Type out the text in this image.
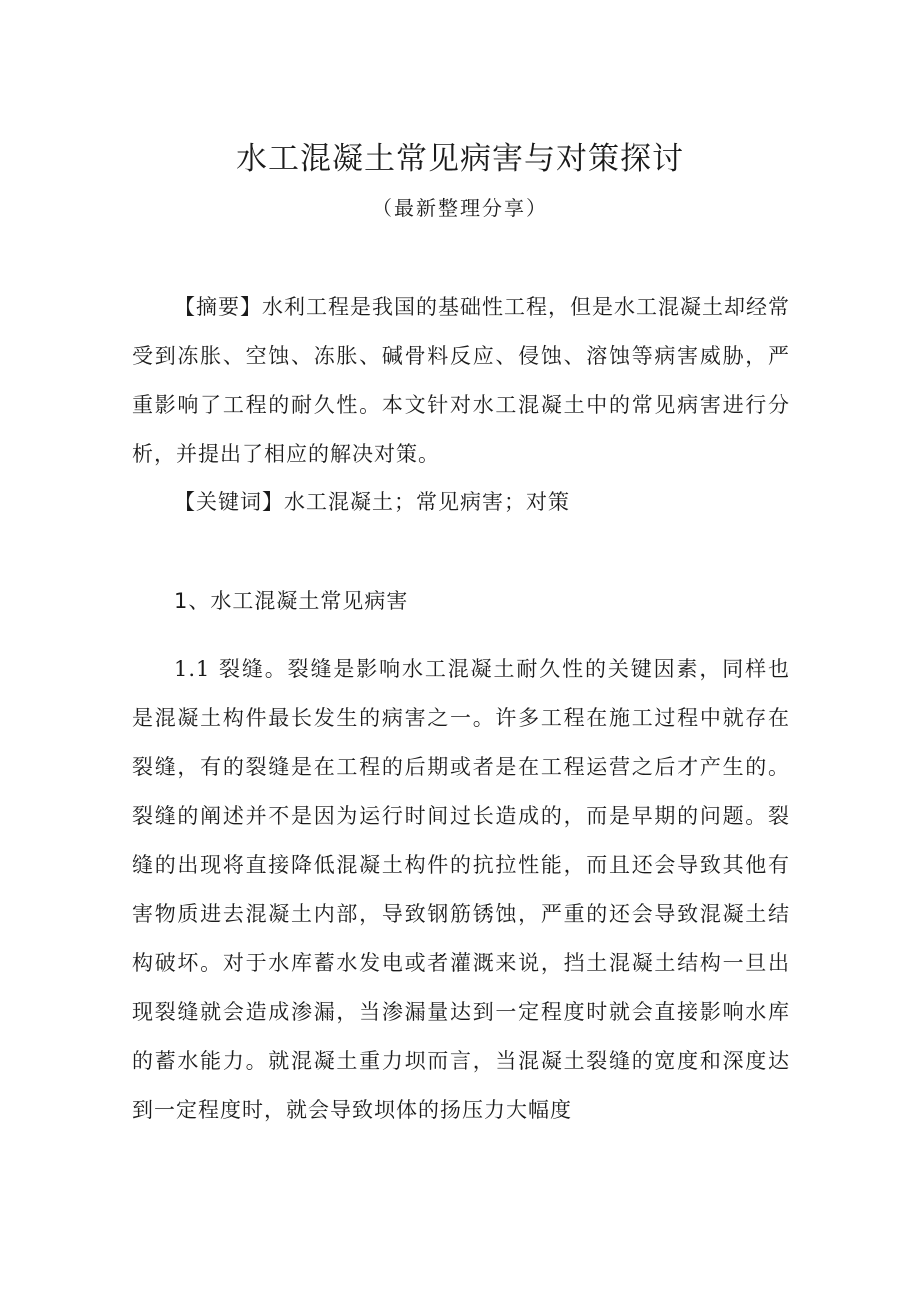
水工混凝土常见病害与对策探讨

（最新整理分享）

【摘要】水利工程是我国的基础性工程，但是水工混凝土却经常受到冻胀、空蚀、冻胀、碱骨料反应、侵蚀、溶蚀等病害威胁，严重影响了工程的耐久性。本文针对水工混凝土中的常见病害进行分析，并提出了相应的解决对策。

【关键词】水工混凝土；常见病害；对策

1、水工混凝土常见病害

1.1 裂缝。裂缝是影响水工混凝土耐久性的关键因素，同样也是混凝土构件最长发生的病害之一。许多工程在施工过程中就存在裂缝，有的裂缝是在工程的后期或者是在工程运营之后才产生的。裂缝的阐述并不是因为运行时间过长造成的，而是早期的问题。裂缝的出现将直接降低混凝土构件的抗拉性能，而且还会导致其他有害物质进去混凝土内部，导致钢筋锈蚀，严重的还会导致混凝土结构破坏。对于水库蓄水发电或者灌溉来说，挡土混凝土结构一旦出现裂缝就会造成渗漏，当渗漏量达到一定程度时就会直接影响水库的蓄水能力。就混凝土重力坝而言，当混凝土裂缝的宽度和深度达到一定程度时，就会导致坝体的扬压力大幅度
